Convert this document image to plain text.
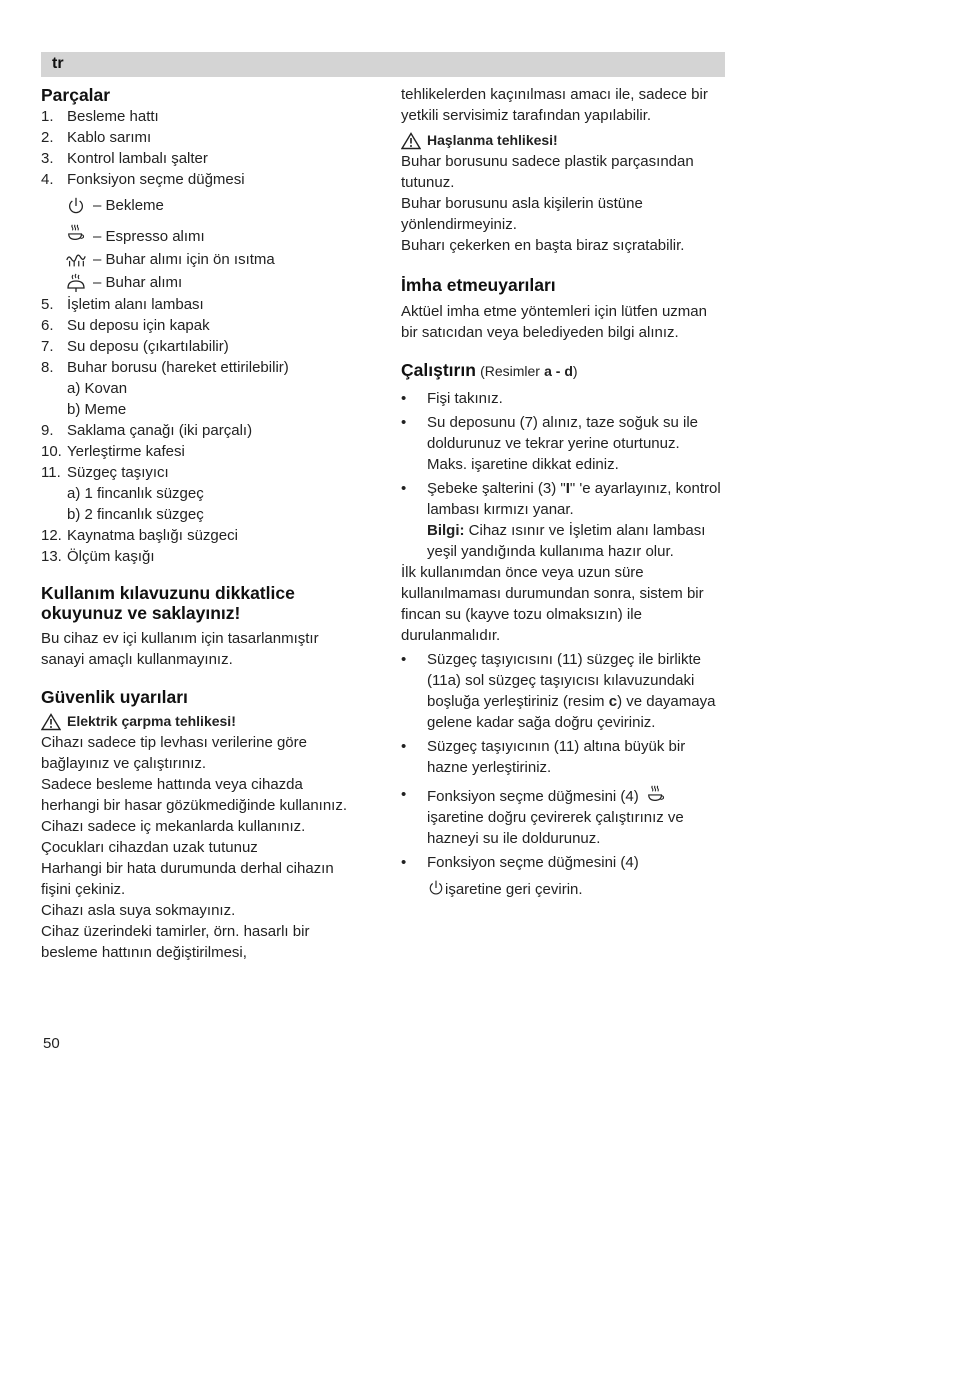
tr
Parçalar
1. Besleme hattı
2. Kablo sarımı
3. Kontrol lambalı şalter
4. Fonksiyon seçme düğmesi
– Bekleme
– Espresso alımı
– Buhar alımı için ön ısıtma
– Buhar alımı
5. İşletim alanı lambası
6. Su deposu için kapak
7. Su deposu (çıkartılabilir)
8. Buhar borusu (hareket ettirilebilir)
a) Kovan
b) Meme
9. Saklama çanağı (iki parçalı)
10. Yerleştirme kafesi
11. Süzgeç taşıyıcı
a) 1 fincanlık süzgeç
b) 2 fincanlık süzgeç
12. Kaynatma başlığı süzgeci
13. Ölçüm kaşığı
Kullanım kılavuzunu dikkatlice okuyunuz ve saklayınız!

Bu cihaz ev içi kullanım için tasarlanmıştır sanayi amaçlı kullanmayınız.

Güvenlik uyarıları
Elektrik çarpma tehlikesi!

Cihazı sadece tip levhası verilerine göre bağlayınız ve çalıştırınız.

Sadece besleme hattında veya cihazda herhangi bir hasar gözükmediğinde kullanınız.

Cihazı sadece iç mekanlarda kullanınız.

Çocukları cihazdan uzak tutunuz

Harhangi bir hata durumunda derhal cihazın fişini çekiniz.

Cihazı asla suya sokmayınız.

Cihaz üzerindeki tamirler, örn. hasarlı bir besleme hattının değiştirilmesi,

tehlikelerden kaçınılması amacı ile, sadece bir yetkili servisimiz tarafından yapılabilir.

Haşlanma tehlikesi!

Buhar borusunu sadece plastik parçasından tutunuz.

Buhar borusunu asla kişilerin üstüne yönlendirmeyiniz.

Buharı çekerken en başta biraz sıçratabilir.

İmha etmeuyarıları

Aktüel imha etme yöntemleri için lütfen uzman bir satıcıdan veya belediyeden bilgi alınız.

Çalıştırın (Resimler a - d)
• Fişi takınız.
• Su deposunu (7) alınız, taze soğuk su ile doldurunuz ve tekrar yerine oturtunuz.
Maks. işaretine dikkat ediniz.
• Şebeke şalterini (3) "I" 'e ayarlayınız, kontrol lambası kırmızı yanar.
Bilgi: Cihaz ısınır ve İşletim alanı lambası yeşil yandığında kullanıma hazır olur.

İlk kullanımdan önce veya uzun süre kullanılmaması durumundan sonra, sistem bir fincan su (kayve tozu olmaksızın) ile durulanmalıdır.

• Süzgeç taşıyıcısını (11) süzgeç ile birlikte (11a) sol süzgeç taşıyıcısı kılavuzundaki boşluğa yerleştiriniz (resim c) ve dayamaya gelene kadar sağa doğru çeviriniz.
• Süzgeç taşıyıcının (11) altına büyük bir hazne yerleştiriniz.
• Fonksiyon seçme düğmesini (4)
işaretine doğru çevirerek çalıştırınız ve hazneyi su ile doldurunuz.
• Fonksiyon seçme düğmesini (4)
işaretine geri çevirin.
50
